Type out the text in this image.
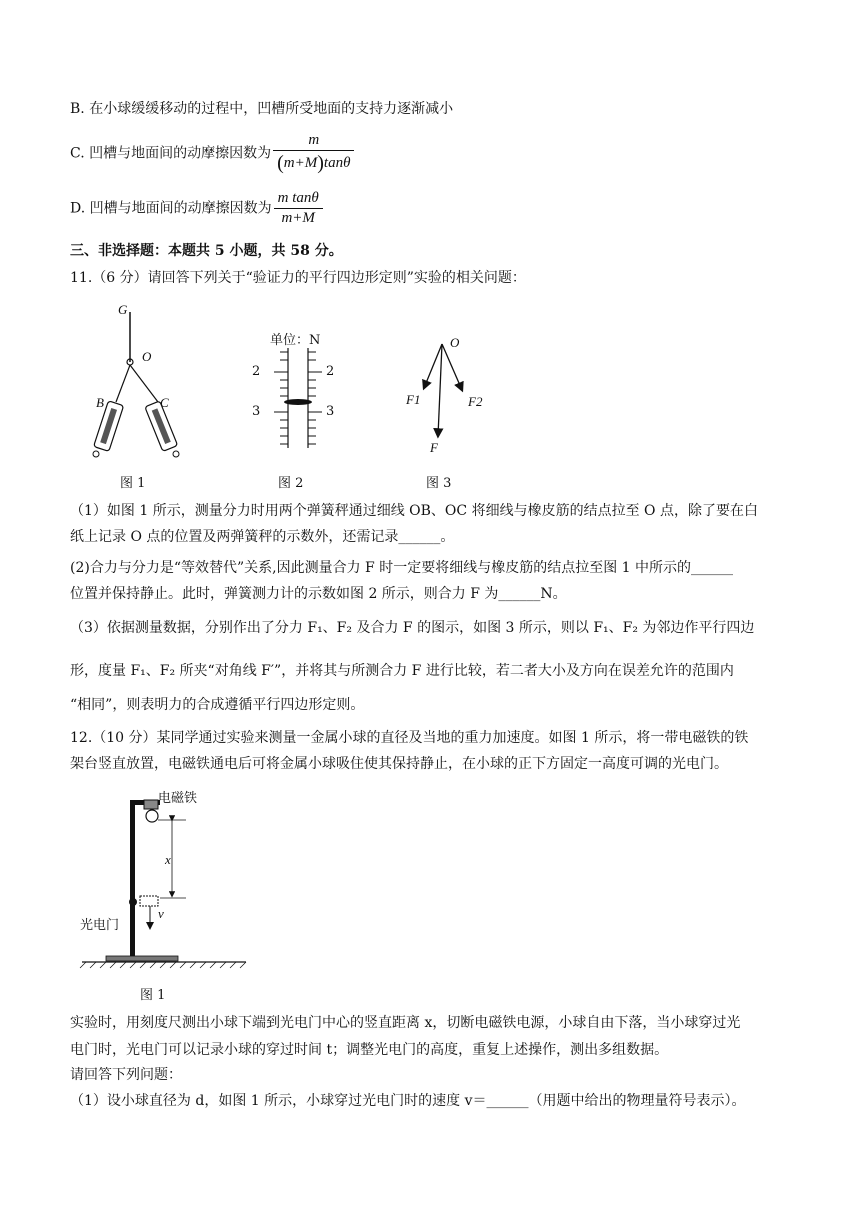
B. 在小球缓缓移动的过程中，凹槽所受地面的支持力逐渐减小
C. 凹槽与地面间的动摩擦因数为 $\frac{m}{(m+M)\tan\theta}$
D. 凹槽与地面间的动摩擦因数为 $\frac{\text{m tanθ}}{m+M}$
三、非选择题：本题共 5 小题，共 58 分。
11.（6 分）请回答下列关于“验证力的平行四边形定则”实验的相关问题：
G
O
B	C
图 1
单位：N
2	2
3	3
图 2
O
F1	F2
F
图 3
（1）如图 1 所示，测量分力时用两个弹簧秤通过细线 OB、OC 将细线与橡皮筋的结点拉至 O 点，除了要在白
纸上记录 O 点的位置及两弹簧秤的示数外，还需记录______。
(2)合力与分力是“等效替代”关系,因此测量合力 F 时一定要将细线与橡皮筋的结点拉至图 1 中所示的______
位置并保持静止。此时，弹簧测力计的示数如图 2 所示，则合力 F 为______N。
（3）依据测量数据，分别作出了分力 F₁、F₂ 及合力 F 的图示，如图 3 所示，则以 F₁、F₂ 为邻边作平行四边
形，度量 F₁、F₂ 所夹“对角线 F′”，并将其与所测合力 F 进行比较，若二者大小及方向在误差允许的范围内
“相同”，则表明力的合成遵循平行四边形定则。
12.（10 分）某同学通过实验来测量一金属小球的直径及当地的重力加速度。如图 1 所示，将一带电磁铁的铁
架台竖直放置，电磁铁通电后可将金属小球吸住使其保持静止，在小球的正下方固定一高度可调的光电门。
电磁铁
x
v
光电门
图 1
实验时，用刻度尺测出小球下端到光电门中心的竖直距离 x，切断电磁铁电源，小球自由下落，当小球穿过光
电门时，光电门可以记录小球的穿过时间 t；调整光电门的高度，重复上述操作，测出多组数据。
请回答下列问题：
（1）设小球直径为 d，如图 1 所示，小球穿过光电门时的速度 v＝______（用题中给出的物理量符号表示）。
